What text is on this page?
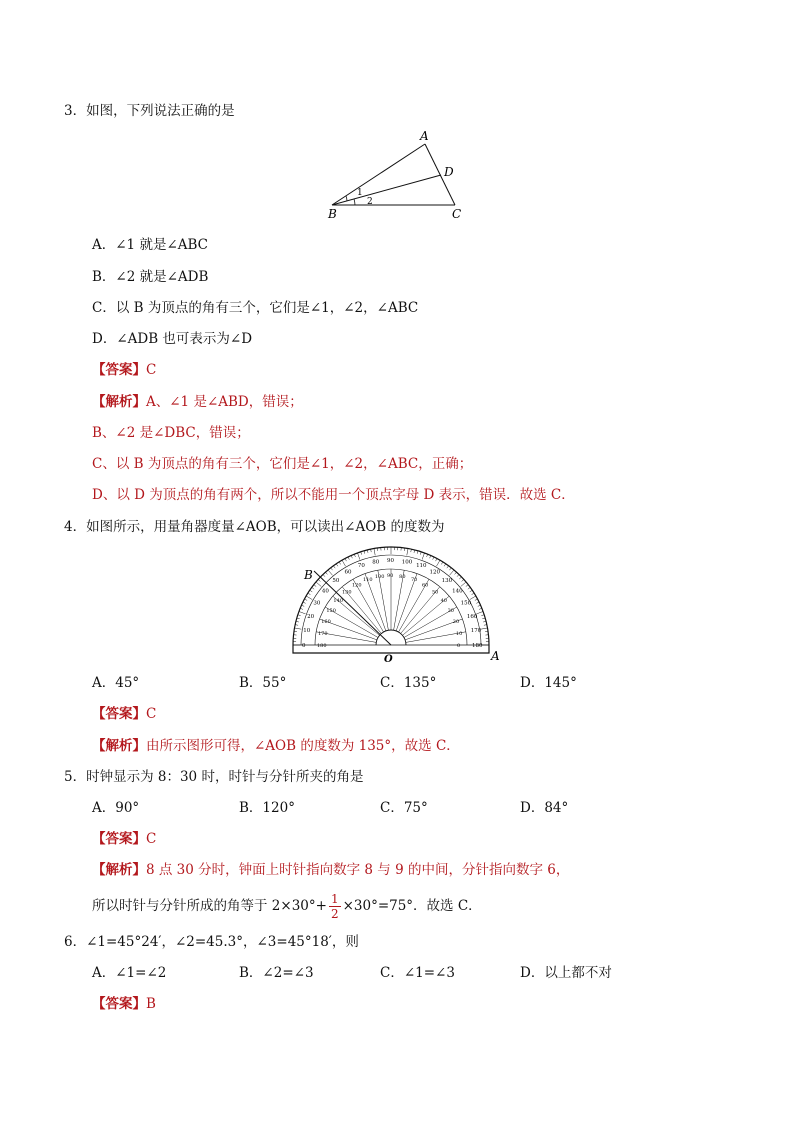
3．如图，下列说法正确的是
A
D
B	C
1
2
A．∠1 就是∠ABC
B．∠2 就是∠ADB
C．以 B 为顶点的角有三个，它们是∠1，∠2，∠ABC
D．∠ADB 也可表示为∠D
【答案】C
【解析】A、∠1 是∠ABD，错误；
B、∠2 是∠DBC，错误；
C、以 B 为顶点的角有三个，它们是∠1，∠2，∠ABC，正确；
D、以 D 为顶点的角有两个，所以不能用一个顶点字母 D 表示，错误．故选 C．
4．如图所示，用量角器度量∠AOB，可以读出∠AOB 的度数为
B
O	A
180
0
170
10
160
20
150
30
140
40
130
50
120
60
110
70
100
80
90
90
80
100
70
110
60
120
50
130
40
140
30
150
20
160
10 170
0 180
A．45°	B．55°	C．135°	D．145°
【答案】C
【解析】由所示图形可得，∠AOB 的度数为 135°，故选 C．
5．时钟显示为 8：30 时，时针与分针所夹的角是
A．90°	B．120°	C．75°	D．84°
【答案】C
【解析】8 点 30 分时，钟面上时针指向数字 8 与 9 的中间，分针指向数字 6，
所以时针与分针所成的角等于 $2\times 30^\circ+ \frac{1}{2} \times 30^\circ=75^\circ$．故选 C．
6．∠1=45°24′，∠2=45.3°，∠3=45°18′，则
A．∠1=∠2	B．∠2=∠3	C．∠1=∠3	D．以上都不对
【答案】B
